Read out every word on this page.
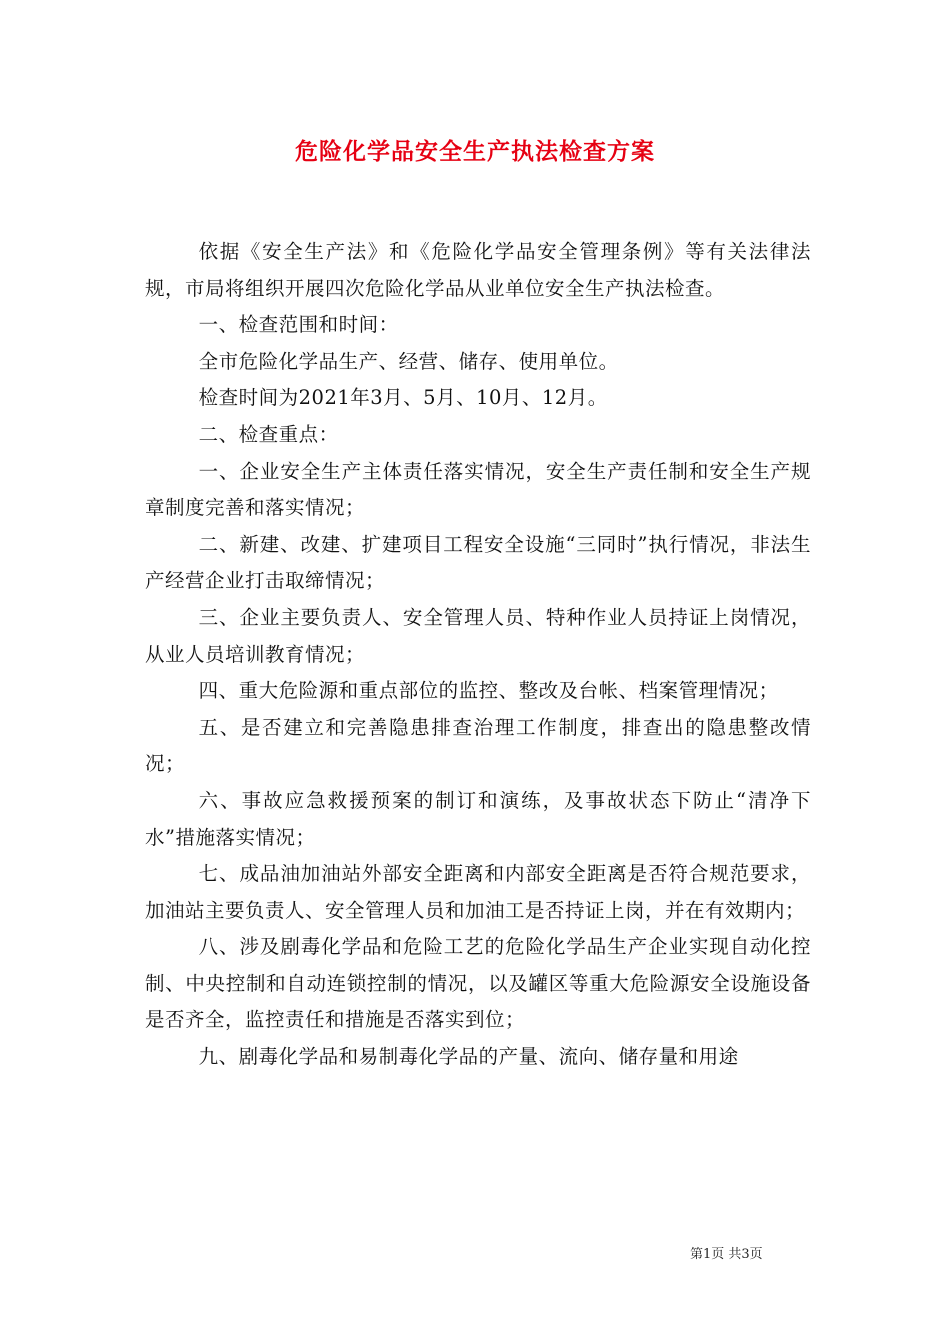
危险化学品安全生产执法检查方案

依据《安全生产法》和《危险化学品安全管理条例》等有关法律法规，市局将组织开展四次危险化学品从业单位安全生产执法检查。

一、检查范围和时间：

全市危险化学品生产、经营、储存、使用单位。

检查时间为2021年3月、5月、10月、12月。

二、检查重点：

一、企业安全生产主体责任落实情况，安全生产责任制和安全生产规章制度完善和落实情况；

二、新建、改建、扩建项目工程安全设施“三同时”执行情况，非法生产经营企业打击取缔情况；

三、企业主要负责人、安全管理人员、特种作业人员持证上岗情况，从业人员培训教育情况；

四、重大危险源和重点部位的监控、整改及台帐、档案管理情况；

五、是否建立和完善隐患排查治理工作制度，排查出的隐患整改情况；

六、事故应急救援预案的制订和演练，及事故状态下防止“清净下水”措施落实情况；

七、成品油加油站外部安全距离和内部安全距离是否符合规范要求，加油站主要负责人、安全管理人员和加油工是否持证上岗，并在有效期内；

八、涉及剧毒化学品和危险工艺的危险化学品生产企业实现自动化控制、中央控制和自动连锁控制的情况，以及罐区等重大危险源安全设施设备是否齐全，监控责任和措施是否落实到位；

九、剧毒化学品和易制毒化学品的产量、流向、储存量和用途

第1页 共3页
